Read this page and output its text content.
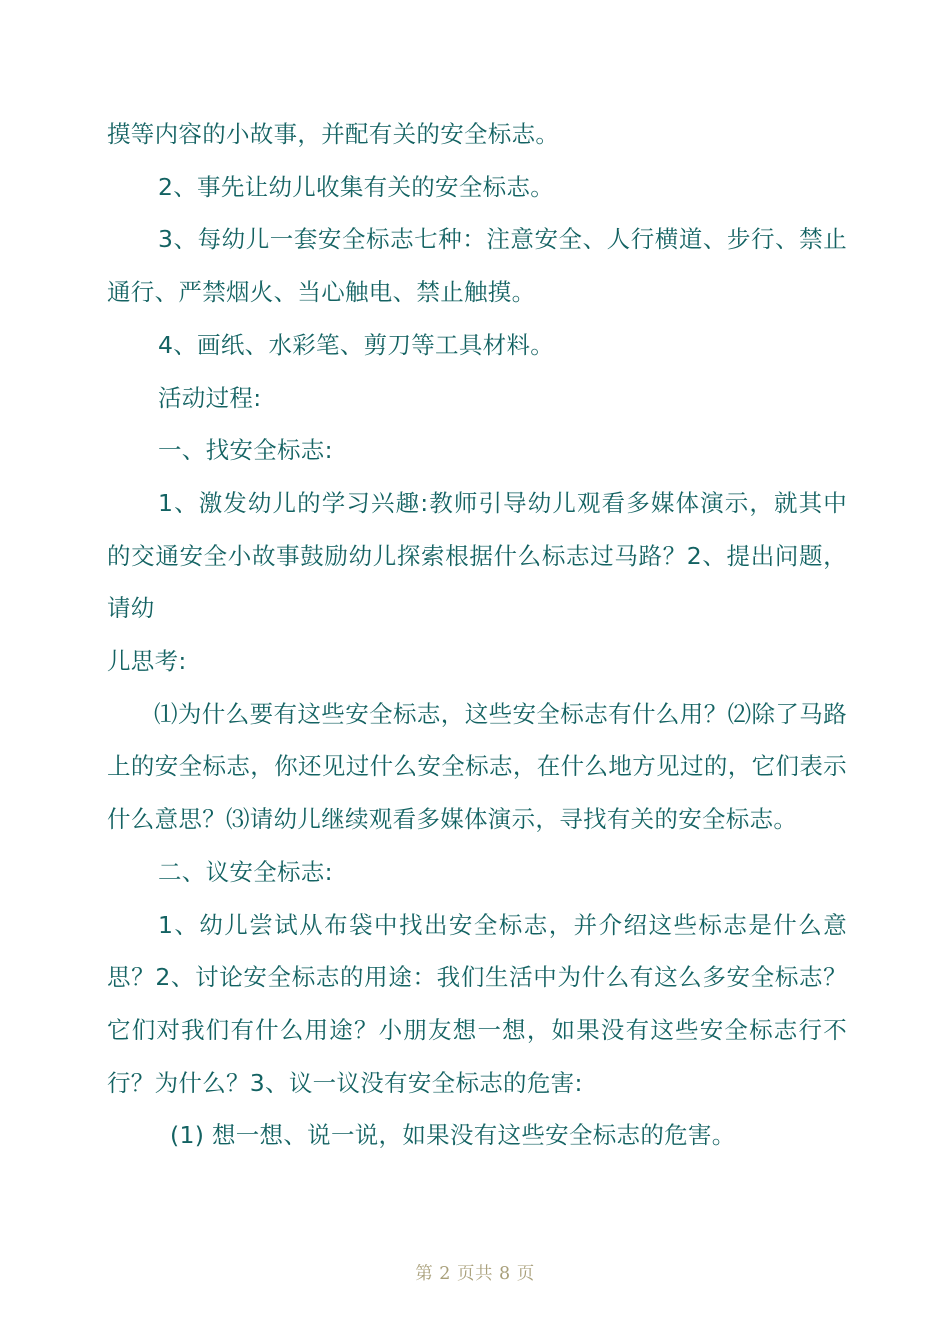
摸等内容的小故事，并配有关的安全标志。

2、事先让幼儿收集有关的安全标志。

3、每幼儿一套安全标志七种：注意安全、人行横道、步行、禁止通行、严禁烟火、当心触电、禁止触摸。

4、画纸、水彩笔、剪刀等工具材料。

活动过程:

一、找安全标志:

1、激发幼儿的学习兴趣:教师引导幼儿观看多媒体演示，就其中的交通安全小故事鼓励幼儿探索根据什么标志过马路？2、提出问题，请幼

儿思考:

⑴为什么要有这些安全标志，这些安全标志有什么用？⑵除了马路上的安全标志，你还见过什么安全标志，在什么地方见过的，它们表示什么意思？⑶请幼儿继续观看多媒体演示，寻找有关的安全标志。

二、议安全标志:

1、幼儿尝试从布袋中找出安全标志，并介绍这些标志是什么意思？2、讨论安全标志的用途：我们生活中为什么有这么多安全标志？它们对我们有什么用途？小朋友想一想，如果没有这些安全标志行不行？为什么？3、议一议没有安全标志的危害:

(1) 想一想、说一说，如果没有这些安全标志的危害。

第 2 页共 8 页
